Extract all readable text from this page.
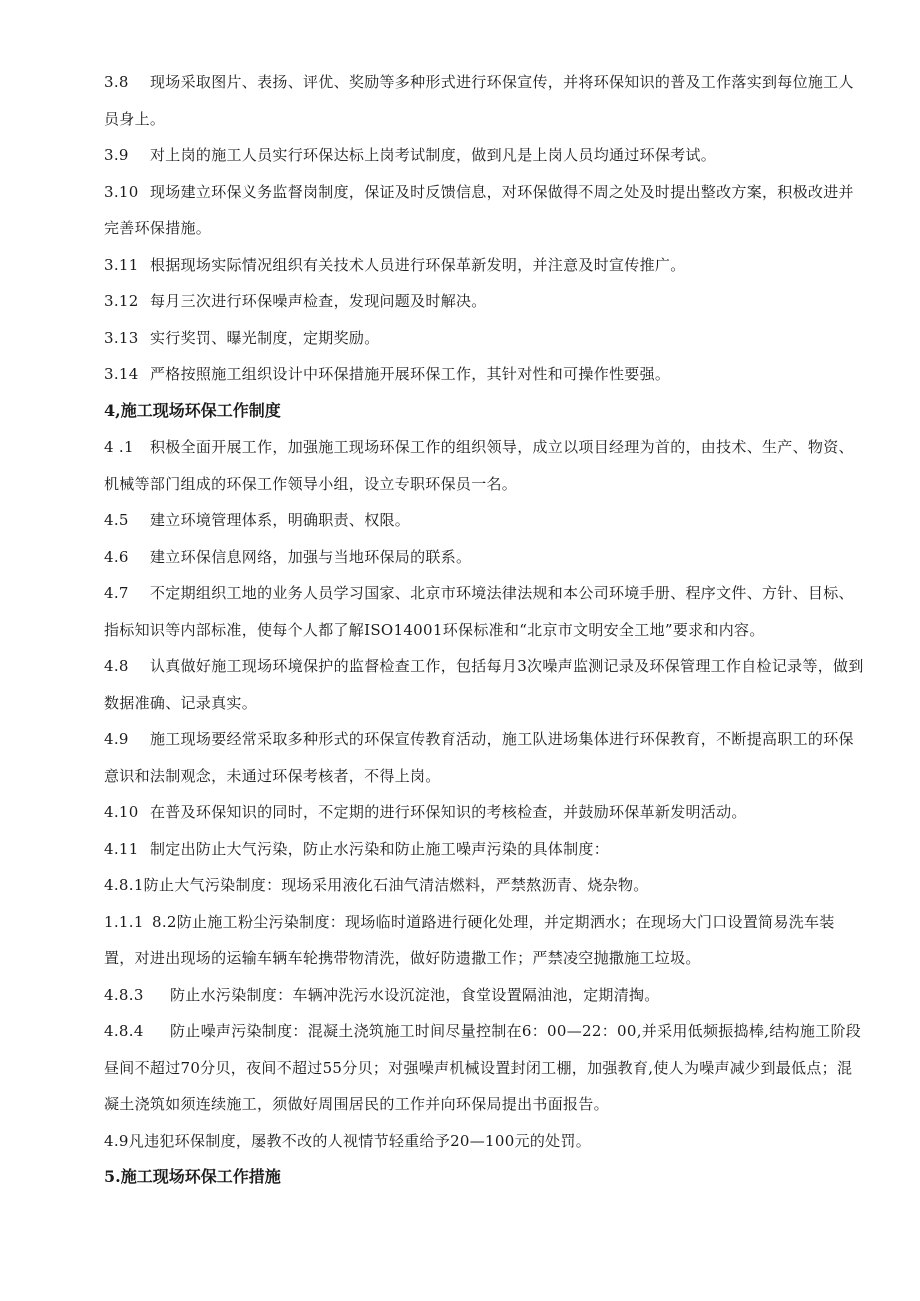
3.8 现场采取图片、表扬、评优、奖励等多种形式进行环保宣传，并将环保知识的普及工作落实到每位施工人员身上。

3.9 对上岗的施工人员实行环保达标上岗考试制度，做到凡是上岗人员均通过环保考试。

3.10 现场建立环保义务监督岗制度，保证及时反馈信息，对环保做得不周之处及时提出整改方案，积极改进并完善环保措施。

3.11 根据现场实际情况组织有关技术人员进行环保革新发明，并注意及时宣传推广。

3.12 每月三次进行环保噪声检查，发现问题及时解决。

3.13 实行奖罚、曝光制度，定期奖励。

3.14 严格按照施工组织设计中环保措施开展环保工作，其针对性和可操作性要强。

4,施工现场环保工作制度

4 .1 积极全面开展工作，加强施工现场环保工作的组织领导，成立以项目经理为首的，由技术、生产、物资、机械等部门组成的环保工作领导小组，设立专职环保员一名。

4.5 建立环境管理体系，明确职责、权限。

4.6 建立环保信息网络，加强与当地环保局的联系。

4.7 不定期组织工地的业务人员学习国家、北京市环境法律法规和本公司环境手册、程序文件、方针、目标、指标知识等内部标准，使每个人都了解ISO14001环保标准和“北京市文明安全工地”要求和内容。

4.8 认真做好施工现场环境保护的监督检查工作，包括每月3次噪声监测记录及环保管理工作自检记录等，做到数据准确、记录真实。

4.9 施工现场要经常采取多种形式的环保宣传教育活动，施工队进场集体进行环保教育，不断提高职工的环保意识和法制观念，未通过环保考核者，不得上岗。

4.10 在普及环保知识的同时，不定期的进行环保知识的考核检查，并鼓励环保革新发明活动。

4.11 制定出防止大气污染，防止水污染和防止施工噪声污染的具体制度：

4.8.1防止大气污染制度：现场采用液化石油气清洁燃料，严禁熬沥青、烧杂物。

1.1.1 8.2防止施工粉尘污染制度：现场临时道路进行硬化处理，并定期洒水；在现场大门口设置简易洗车装置，对进出现场的运输车辆车轮携带物清洗，做好防遗撒工作；严禁凌空抛撒施工垃圾。

4.8.3 防止水污染制度：车辆冲洗污水设沉淀池，食堂设置隔油池，定期清掏。

4.8.4 防止噪声污染制度：混凝土浇筑施工时间尽量控制在6：00—22：00,并采用低频振捣棒,结构施工阶段昼间不超过70分贝，夜间不超过55分贝；对强噪声机械设置封闭工棚，加强教育,使人为噪声减少到最低点；混凝土浇筑如须连续施工，须做好周围居民的工作并向环保局提出书面报告。

4.9凡违犯环保制度，屡教不改的人视情节轻重给予20—100元的处罚。

5.施工现场环保工作措施
